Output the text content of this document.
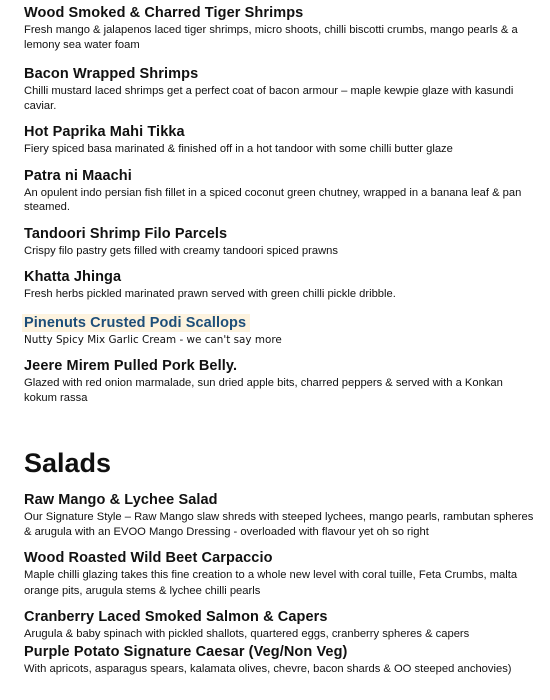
Wood Smoked & Charred Tiger Shrimps
Fresh mango & jalapenos laced tiger shrimps, micro shoots, chilli biscotti crumbs, mango pearls & a lemony sea water foam
Bacon Wrapped Shrimps
Chilli mustard laced shrimps get a perfect coat of bacon armour – maple kewpie glaze with kasundi caviar.
Hot Paprika Mahi Tikka
Fiery spiced basa marinated & finished off in a hot tandoor with some chilli butter glaze
Patra ni Maachi
An opulent indo persian fish fillet in a spiced coconut green chutney, wrapped in a banana leaf & pan steamed.
Tandoori Shrimp Filo Parcels
Crispy filo pastry gets filled with creamy tandoori spiced prawns
Khatta Jhinga
Fresh herbs pickled marinated prawn served with green chilli pickle dribble.
Pinenuts Crusted Podi Scallops
Nutty Spicy Mix Garlic Cream - we can't say more
Jeere Mirem Pulled Pork Belly.
Glazed with red onion marmalade, sun dried apple bits, charred peppers & served with a Konkan kokum rassa
Salads
Raw Mango & Lychee Salad
Our Signature Style – Raw Mango slaw shreds with steeped lychees, mango pearls, rambutan spheres & arugula with an EVOO Mango Dressing - overloaded with flavour yet oh so right
Wood Roasted Wild Beet Carpaccio
Maple chilli glazing takes this fine creation to a whole new level with coral tuille, Feta Crumbs, malta
orange pits, arugula stems & lychee chilli pearls
Cranberry Laced Smoked Salmon & Capers
Arugula & baby spinach with pickled shallots, quartered eggs, cranberry spheres & capers
Purple Potato Signature Caesar (Veg/Non Veg)
With apricots, asparagus spears, kalamata olives, chevre, bacon shards & OO steeped anchovies)
